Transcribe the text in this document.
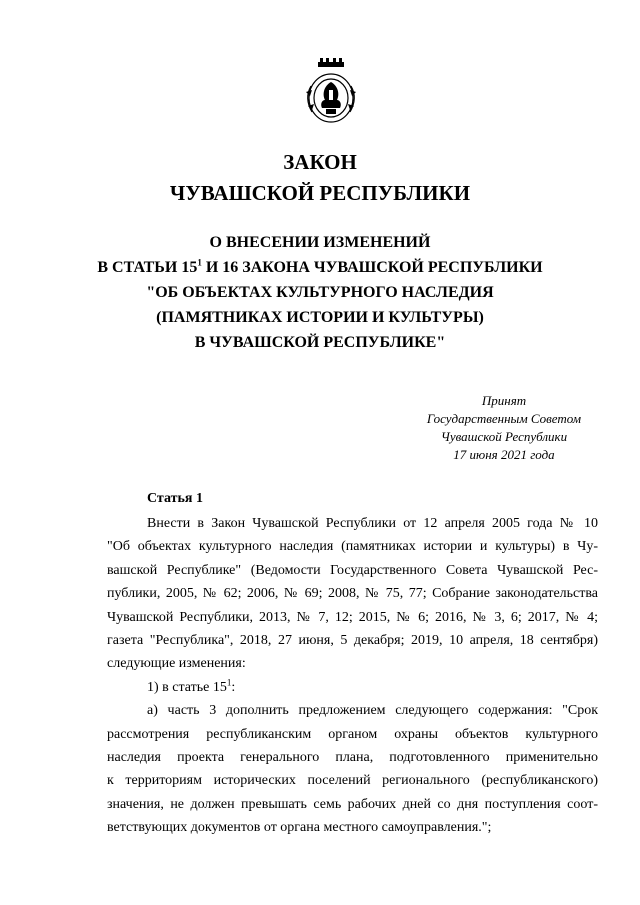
ЗАКОН
ЧУВАШСКОЙ РЕСПУБЛИКИ
О ВНЕСЕНИИ ИЗМЕНЕНИЙ
В СТАТЬИ $15^1$ И 16 ЗАКОНА ЧУВАШСКОЙ РЕСПУБЛИКИ
"ОБ ОБЪЕКТАХ КУЛЬТУРНОГО НАСЛЕДИЯ
(ПАМЯТНИКАХ ИСТОРИИ И КУЛЬТУРЫ)
В ЧУВАШСКОЙ РЕСПУБЛИКЕ"
Принят
Государственным Советом
Чувашской Республики
17 июня 2021 года
Статья 1
Внести в Закон Чувашской Республики от 12 апреля 2005 года № 10
"Об объектах культурного наследия (памятниках истории и культуры) в Чу-
вашской Республике" (Ведомости Государственного Совета Чувашской Рес-
публики, 2005, № 62; 2006, № 69; 2008, № 75, 77; Собрание законодательства
Чувашской Республики, 2013, № 7, 12; 2015, № 6; 2016, № 3, 6; 2017, № 4;
газета "Республика", 2018, 27 июня, 5 декабря; 2019, 10 апреля, 18 сентября)
следующие изменения:
1) в статье $15^1$:
а) часть 3 дополнить предложением следующего содержания: "Срок
рассмотрения республиканским органом охраны объектов культурного
наследия проекта генерального плана, подготовленного применительно
к территориям исторических поселений регионального (республиканского)
значения, не должен превышать семь рабочих дней со дня поступления соот-
ветствующих документов от органа местного самоуправления.";
